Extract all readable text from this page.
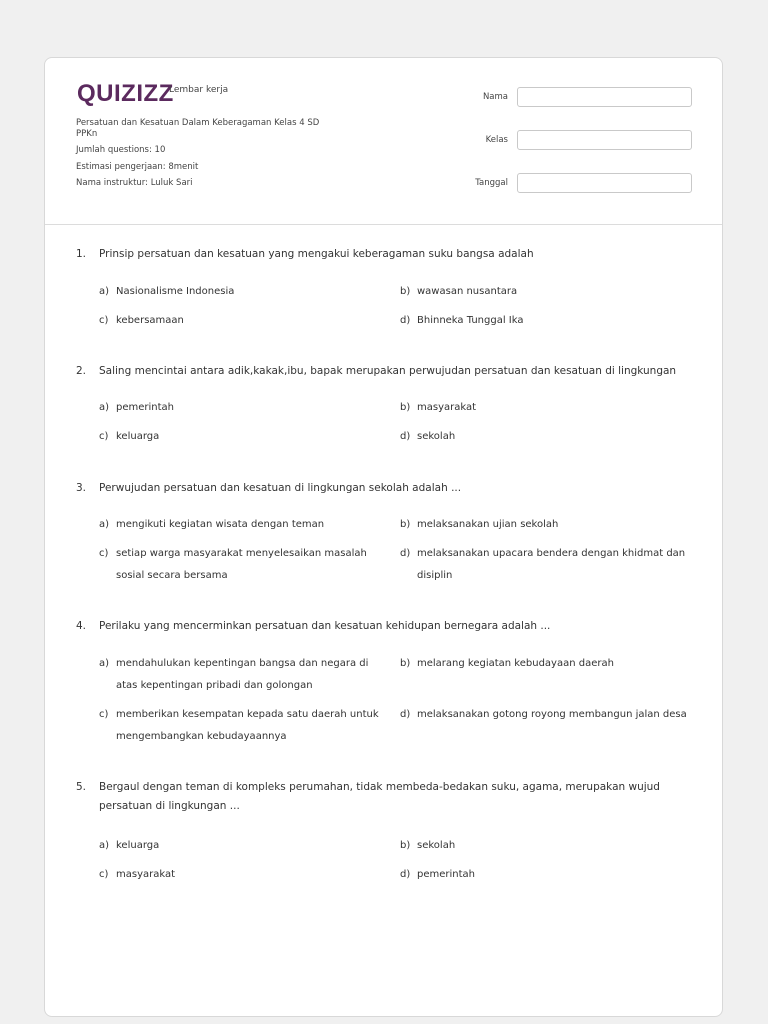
QUIZIZZ
Lembar kerja
Persatuan dan Kesatuan Dalam Keberagaman Kelas 4 SD
PPKn
Jumlah questions: 10
Estimasi pengerjaan: 8menit
Nama instruktur: Luluk Sari
Nama
Kelas
Tanggal
1. Prinsip persatuan dan kesatuan yang mengakui keberagaman suku bangsa adalah
a) Nasionalisme Indonesia	b) wawasan nusantara
c) kebersamaan	d) Bhinneka Tunggal Ika
2. Saling mencintai antara adik,kakak,ibu, bapak merupakan perwujudan persatuan dan kesatuan di lingkungan
a) pemerintah	b) masyarakat
c) keluarga	d) sekolah
3. Perwujudan persatuan dan kesatuan di lingkungan sekolah adalah ...
a) mengikuti kegiatan wisata dengan teman	b) melaksanakan ujian sekolah
c) setiap warga masyarakat menyelesaikan masalah sosial secara bersama
d) melaksanakan upacara bendera dengan khidmat dan disiplin
4. Perilaku yang mencerminkan persatuan dan kesatuan kehidupan bernegara adalah ...
a) mendahulukan kepentingan bangsa dan negara di atas kepentingan pribadi dan golongan
b) melarang kegiatan kebudayaan daerah
c) memberikan kesempatan kepada satu daerah untuk mengembangkan kebudayaannya
d) melaksanakan gotong royong membangun jalan desa
5. Bergaul dengan teman di kompleks perumahan, tidak membeda-bedakan suku, agama, merupakan wujud persatuan di lingkungan ...
a) keluarga	b) sekolah
c) masyarakat	d) pemerintah
